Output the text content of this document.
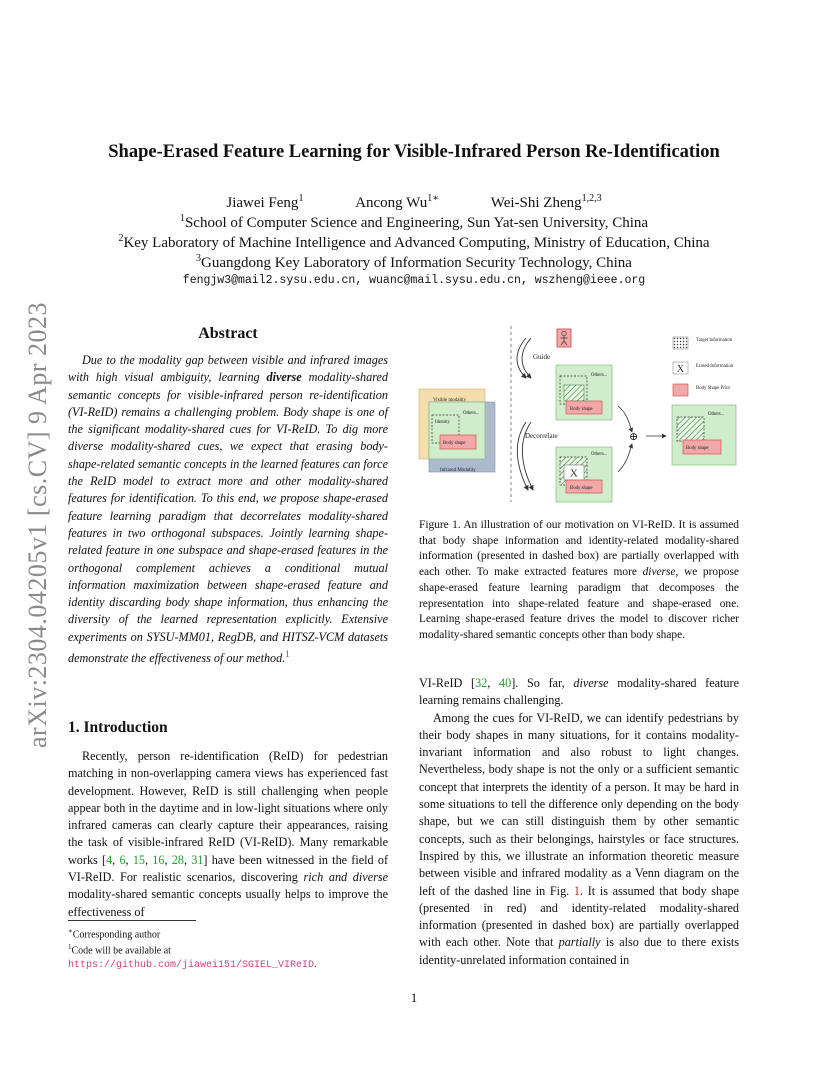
arXiv:2304.04205v1 [cs.CV] 9 Apr 2023
Shape-Erased Feature Learning for Visible-Infrared Person Re-Identification
Jiawei Feng$^1$	Ancong $Wu^{1∗}$	Wei-Shi Zheng$^{1,2,3}$
$^1$School of Computer Science and Engineering, Sun Yat-sen University, China
$^2$Key Laboratory of Machine Intelligence and Advanced Computing, Ministry of Education, China
$^3$Guangdong Key Laboratory of Information Security Technology, China
fengjw3@mail2.sysu.edu.cn, wuanc@mail.sysu.edu.cn, wszheng@ieee.org
Abstract
Due to the modality gap between visible and infrared images with high visual ambiguity, learning diverse modality-shared semantic concepts for visible-infrared person re-identification (VI-ReID) remains a challenging problem. Body shape is one of the significant modality-shared cues for VI-ReID. To dig more diverse modality-shared cues, we expect that erasing body-shape-related semantic concepts in the learned features can force the ReID model to extract more and other modality-shared features for identification. To this end, we propose shape-erased feature learning paradigm that decorrelates modality-shared features in two orthogonal subspaces. Jointly learning shape-related feature in one subspace and shape-erased features in the orthogonal complement achieves a conditional mutual information maximization between shape-erased feature and identity discarding body shape information, thus enhancing the diversity of the learned representation explicitly. Extensive experiments on SYSU-MM01, RegDB, and HITSZ-VCM datasets demonstrate the effectiveness of our method.$^1$
1. Introduction
Recently, person re-identification (ReID) for pedestrian matching in non-overlapping camera views has experienced fast development. However, ReID is still challenging when people appear both in the daytime and in low-light situations where only infrared cameras can clearly capture their appearances, raising the task of visible-infrared ReID (VI-ReID). Many remarkable works [4, 6, 15, 16, 28, 31] have been witnessed in the field of VI-ReID. For realistic scenarios, discovering rich and diverse modality-shared semantic concepts usually helps to improve the effectiveness of
∗Corresponding author
$^1$Code will be available at https://github.com/jiawei151/SGIEL_VIReID.
Guide
Visible modality
Infrared Modality
Identity
Others...
Body shape
Decorrelate
Others...
Body shape
X
Others...
Body shape
⊕
Others...
Body shape
Target Information
X Erased Information
Body Shape Prior
Figure 1. An illustration of our motivation on VI-ReID. It is assumed that body shape information and identity-related modality-shared information (presented in dashed box) are partially overlapped with each other. To make extracted features more diverse, we propose shape-erased feature learning paradigm that decomposes the representation into shape-related feature and shape-erased one. Learning shape-erased feature drives the model to discover richer modality-shared semantic concepts other than body shape.

VI-ReID [32, 40]. So far, diverse modality-shared feature learning remains challenging.

Among the cues for VI-ReID, we can identify pedestrians by their body shapes in many situations, for it contains modality-invariant information and also robust to light changes. Nevertheless, body shape is not the only or a sufficient semantic concept that interprets the identity of a person. It may be hard in some situations to tell the difference only depending on the body shape, but we can still distinguish them by other semantic concepts, such as their belongings, hairstyles or face structures. Inspired by this, we illustrate an information theoretic measure between visible and infrared modality as a Venn diagram on the left of the dashed line in Fig. 1. It is assumed that body shape (presented in red) and identity-related modality-shared information (presented in dashed box) are partially overlapped with each other. Note that partially is also due to there exists identity-unrelated information contained in

1
